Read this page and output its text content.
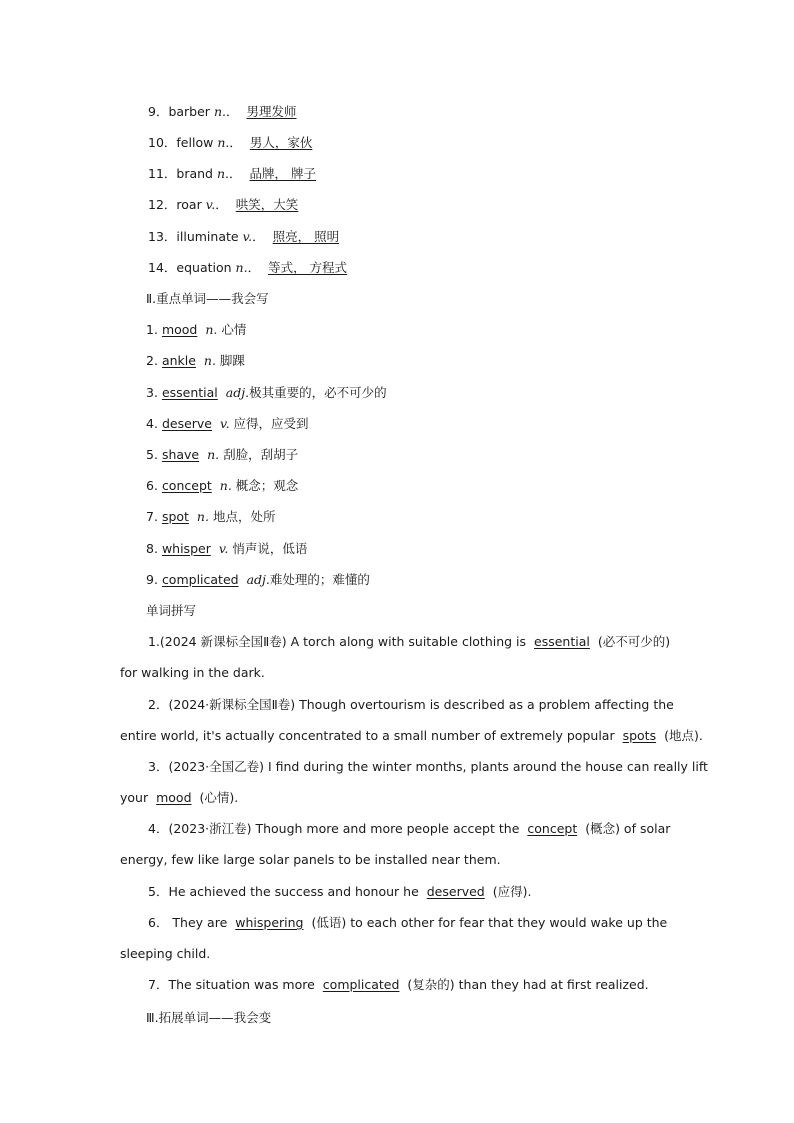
9．barber n.． 男理发师
10．fellow n.． 男人，家伙
11．brand n.． 品牌， 牌子
12．roar v.． 哄笑，大笑
13．illuminate v.． 照亮， 照明
14．equation n.． 等式， 方程式
Ⅱ.重点单词——我会写
1. mood n. 心情
2. ankle n. 脚踝
3. essential adj.极其重要的，必不可少的
4. deserve v. 应得，应受到
5. shave n. 刮脸，刮胡子
6. concept n. 概念；观念
7. spot n. 地点，处所
8. whisper v. 悄声说，低语
9. complicated adj.难处理的；难懂的
单词拼写
1.(2024 新课标全国Ⅱ卷) A torch along with suitable clothing is essential (必不可少的)
for walking in the dark.
2．(2024·新课标全国Ⅱ卷) Though overtourism is described as a problem affecting the
entire world, it's actually concentrated to a small number of extremely popular spots (地点).
3．(2023·全国乙卷) I find during the winter months, plants around the house can really lift
your mood (心情).
4．(2023·浙江卷) Though more and more people accept the concept (概念) of solar
energy, few like large solar panels to be installed near them.
5．He achieved the success and honour he deserved (应得).
6． They are whispering (低语) to each other for fear that they would wake up the
sleeping child.
7．The situation was more complicated (复杂的) than they had at first realized.
Ⅲ.拓展单词——我会变
